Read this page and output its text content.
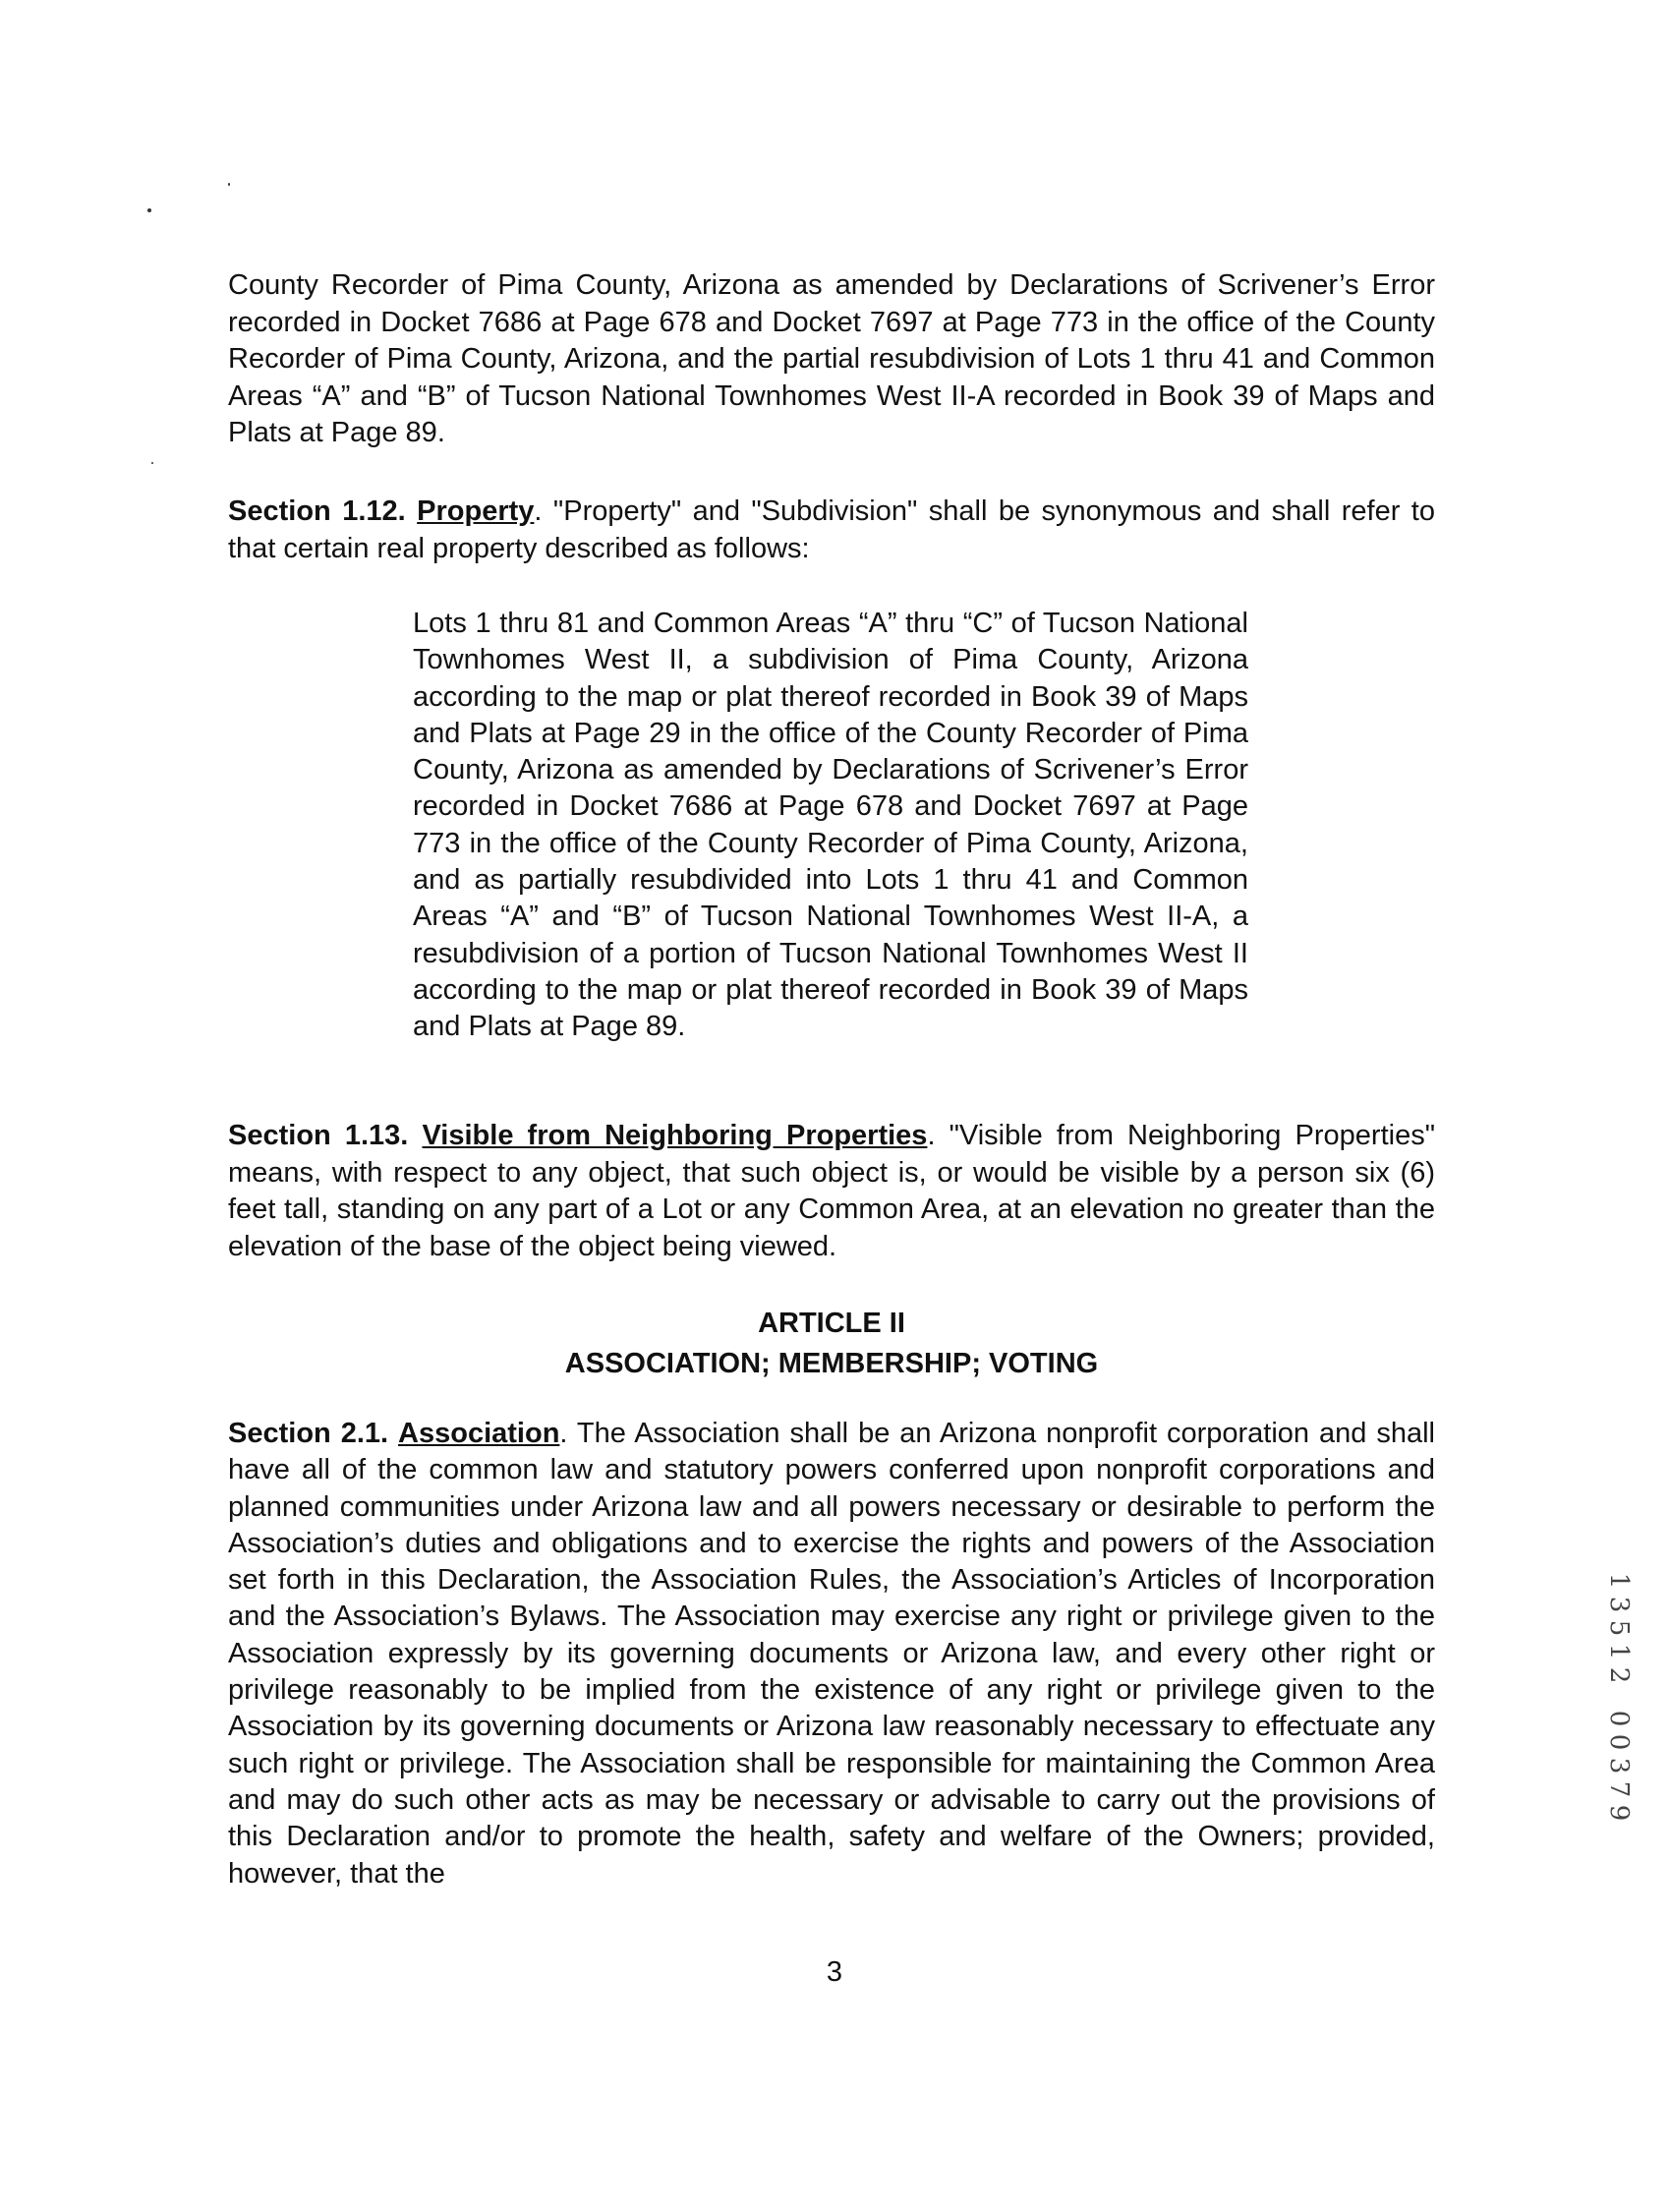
County Recorder of Pima County, Arizona as amended by Declarations of Scrivener’s Error recorded in Docket 7686 at Page 678 and Docket 7697 at Page 773 in the office of the County Recorder of Pima County, Arizona, and the partial resubdivision of Lots 1 thru 41 and Common Areas “A” and “B” of Tucson National Townhomes West II-A recorded in Book 39 of Maps and Plats at Page 89.

Section 1.12. Property. "Property" and "Subdivision" shall be synonymous and shall refer to that certain real property described as follows:

Lots 1 thru 81 and Common Areas “A” thru “C” of Tucson National Townhomes West II, a subdivision of Pima County, Arizona according to the map or plat thereof recorded in Book 39 of Maps and Plats at Page 29 in the office of the County Recorder of Pima County, Arizona as amended by Declarations of Scrivener’s Error recorded in Docket 7686 at Page 678 and Docket 7697 at Page 773 in the office of the County Recorder of Pima County, Arizona, and as partially resubdivided into Lots 1 thru 41 and Common Areas “A” and “B” of Tucson National Townhomes West II-A, a resubdivision of a portion of Tucson National Townhomes West II according to the map or plat thereof recorded in Book 39 of Maps and Plats at Page 89.

Section 1.13. Visible from Neighboring Properties. "Visible from Neighboring Properties" means, with respect to any object, that such object is, or would be visible by a person six (6) feet tall, standing on any part of a Lot or any Common Area, at an elevation no greater than the elevation of the base of the object being viewed.

ARTICLE II
ASSOCIATION; MEMBERSHIP; VOTING

Section 2.1. Association. The Association shall be an Arizona nonprofit corporation and shall have all of the common law and statutory powers conferred upon nonprofit corporations and planned communities under Arizona law and all powers necessary or desirable to perform the Association’s duties and obligations and to exercise the rights and powers of the Association set forth in this Declaration, the Association Rules, the Association’s Articles of Incorporation and the Association’s Bylaws. The Association may exercise any right or privilege given to the Association expressly by its governing documents or Arizona law, and every other right or privilege reasonably to be implied from the existence of any right or privilege given to the Association by its governing documents or Arizona law reasonably necessary to effectuate any such right or privilege. The Association shall be responsible for maintaining the Common Area and may do such other acts as may be necessary or advisable to carry out the provisions of this Declaration and/or to promote the health, safety and welfare of the Owners; provided, however, that the

3

1
3
5
1
2
0
0
3
7
9
